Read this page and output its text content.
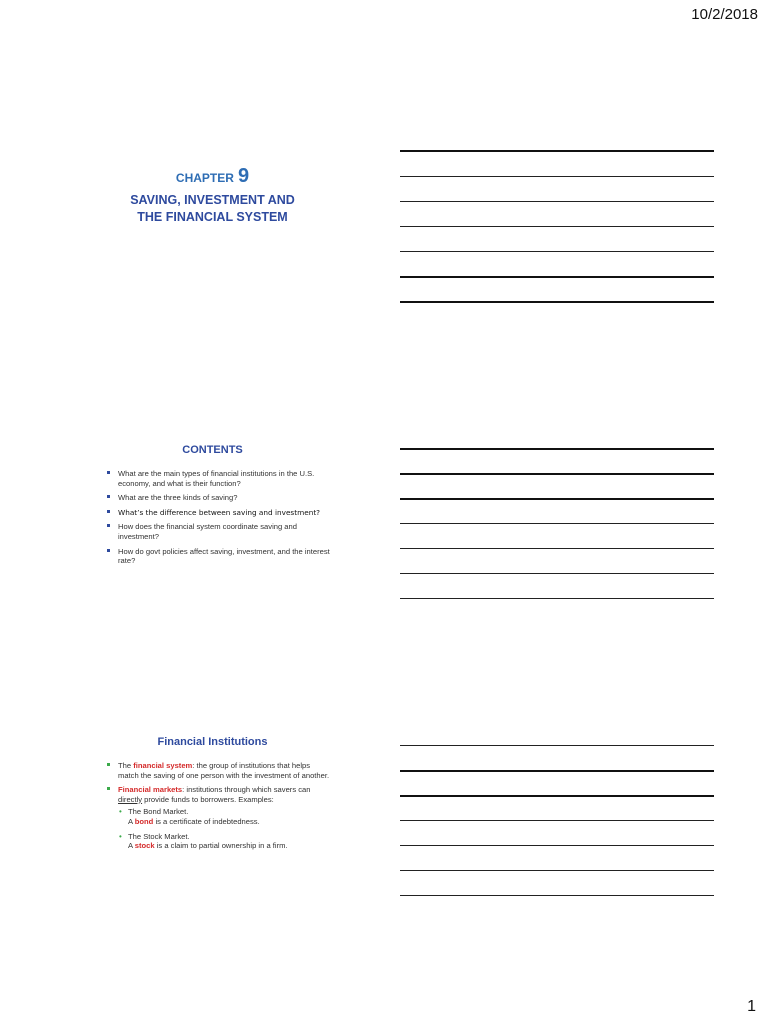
10/2/2018
CHAPTER 9
SAVING, INVESTMENT AND
THE FINANCIAL SYSTEM
CONTENTS
What are the main types of financial institutions in the U.S. economy, and what is their function?
What are the three kinds of saving?
What’s the difference between saving and investment?
How does the financial system coordinate saving and investment?
How do govt policies affect saving, investment, and the interest rate?
Financial Institutions
The financial system: the group of institutions that helps match the saving of one person with the investment of another.
Financial markets: institutions through which savers can directly provide funds to borrowers. Examples:
• The Bond Market.
A bond is a certificate of indebtedness.
• The Stock Market.
A stock is a claim to partial ownership in a firm.
1
